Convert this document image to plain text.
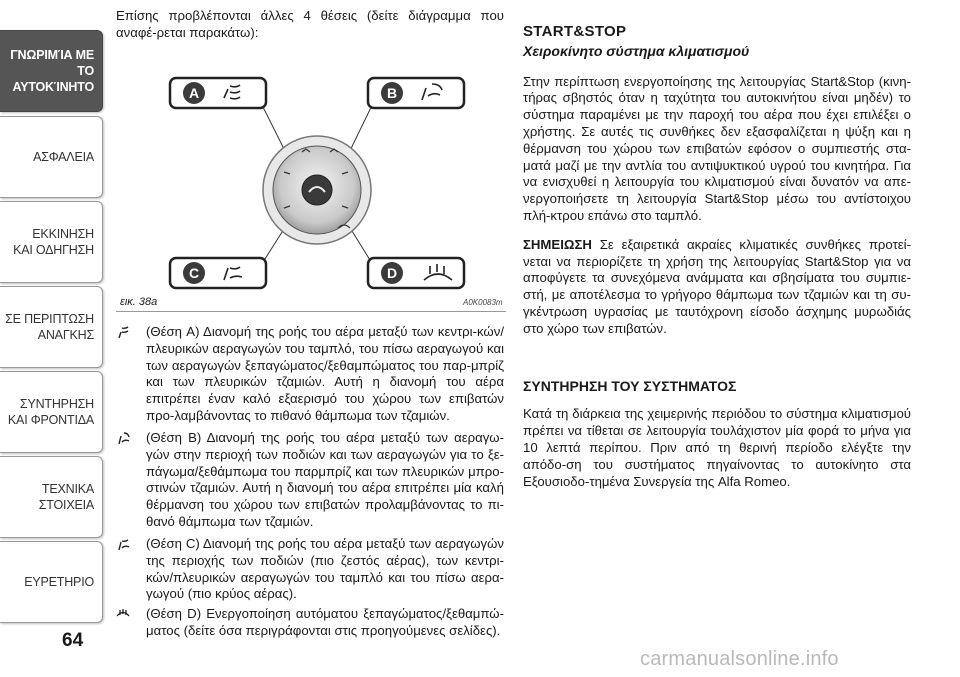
ΓΝΩΡΙΜΊΑ ΜΕ ΤΟ
ΑΥΤΟΚΊΝΗΤΟ
ΑΣΦΑΛΕΙΑ
ΕΚΚΙΝΗΣΗ
ΚΑΙ ΟΔΗΓΗΣΗ
ΣΕ ΠΕΡΙΠΤΩΣΗ
ΑΝΑΓΚΗΣ
ΣΥΝΤΗΡΗΣΗ
ΚΑΙ ΦΡΟΝΤΙΔΑ
ΤΕΧΝΙΚΑ
ΣΤΟΙΧΕΙΑ
ΕΥΡΕΤΗΡΙΟ
64

Επίσης προβλέπονται άλλες 4 θέσεις (δείτε διάγραμμα που αναφέ-ρεται παρακάτω):

A	B
C	D
εικ. 38a	A0K0083m
(Θέση A) Διανομή της ροής του αέρα μεταξύ των κεντρι-κών/πλευρικών αεραγωγών του ταμπλό, του πίσω αεραγωγού και των αεραγωγών ξεπαγώματος/ξεθαμπώματος του παρ-μπρίζ και των πλευρικών τζαμιών. Αυτή η διανομή του αέρα επιτρέπει έναν καλό εξαερισμό του χώρου των επιβατών προ-λαμβάνοντας το πιθανό θάμπωμα των τζαμιών.
(Θέση B) Διανομή της ροής του αέρα μεταξύ των αεραγω-γών στην περιοχή των ποδιών και των αεραγωγών για το ξε-πάγωμα/ξεθάμπωμα του παρμπρίζ και των πλευρικών μπρο-στινών τζαμιών. Αυτή η διανομή του αέρα επιτρέπει μία καλή θέρμανση του χώρου των επιβατών προλαμβάνοντας το πι-θανό θάμπωμα των τζαμιών.
(Θέση C) Διανομή της ροής του αέρα μεταξύ των αεραγωγών της περιοχής των ποδιών (πιο ζεστός αέρας), των κεντρι-κών/πλευρικών αεραγωγών του ταμπλό και του πίσω αερα-γωγού (πιο κρύος αέρας).
(Θέση D) Ενεργοποίηση αυτόματου ξεπαγώματος/ξεθαμπώ-ματος (δείτε όσα περιγράφονται στις προηγούμενες σελίδες).
START&STOP
Χειροκίνητο σύστημα κλιματισμού

Στην περίπτωση ενεργοποίησης της λειτουργίας Start&Stop (κινη-τήρας σβηστός όταν η ταχύτητα του αυτοκινήτου είναι μηδέν) το σύστημα παραμένει με την παροχή του αέρα που έχει επιλέξει ο χρήστης. Σε αυτές τις συνθήκες δεν εξασφαλίζεται η ψύξη και η θέρμανση του χώρου των επιβατών εφόσον ο συμπιεστής στα-ματά μαζί με την αντλία του αντιψυκτικού υγρού του κινητήρα. Για να ενισχυθεί η λειτουργία του κλιματισμού είναι δυνατόν να απε-νεργοποιήσετε τη λειτουργία Start&Stop μέσω του αντίστοιχου πλή-κτρου επάνω στο ταμπλό.

ΣΗΜΕΙΩΣΗ Σε εξαιρετικά ακραίες κλιματικές συνθήκες προτεί-νεται να περιορίζετε τη χρήση της λειτουργίας Start&Stop για να αποφύγετε τα συνεχόμενα ανάμματα και σβησίματα του συμπιε-στή, με αποτέλεσμα το γρήγορο θάμπωμα των τζαμιών και τη συ-γκέντρωση υγρασίας με ταυτόχρονη είσοδο άσχημης μυρωδιάς στο χώρο των επιβατών.

ΣΥΝΤΗΡΗΣΗ ΤΟΥ ΣΥΣΤΗΜΑΤΟΣ

Κατά τη διάρκεια της χειμερινής περιόδου το σύστημα κλιματισμού πρέπει να τίθεται σε λειτουργία τουλάχιστον μία φορά το μήνα για 10 λεπτά περίπου. Πριν από τη θερινή περίοδο ελέγξτε την απόδο-ση του συστήματος πηγαίνοντας το αυτοκίνητο στα Εξουσιοδο-τημένα Συνεργεία της Alfa Romeo.

carmanualsonline.info
